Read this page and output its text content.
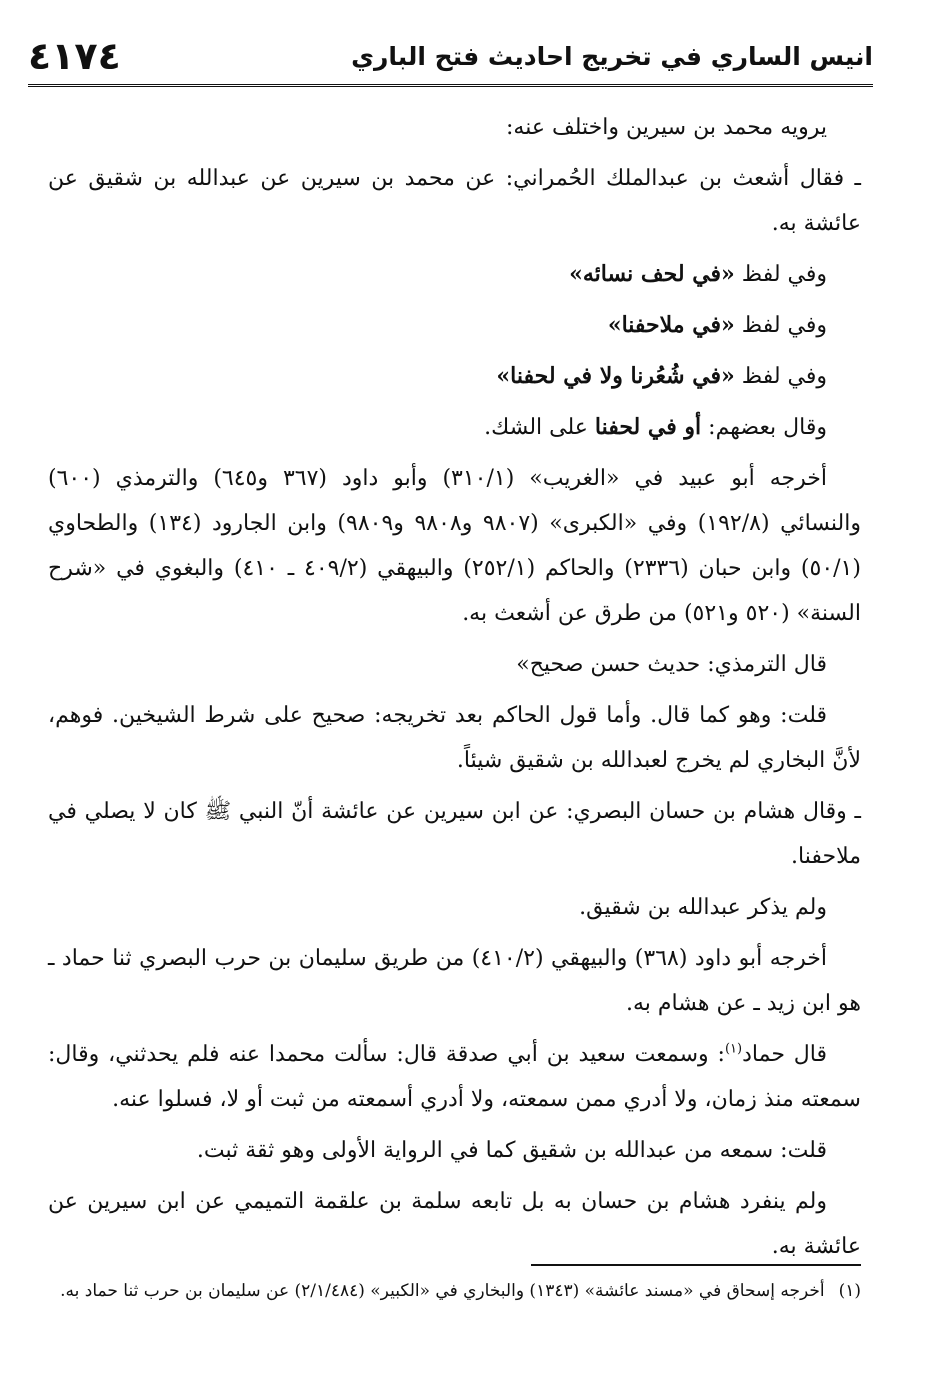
انيس الساري في تخريج احاديث فتح الباري
٤١٧٤

يرويه محمد بن سيرين واختلف عنه:

ـ فقال أشعث بن عبدالملك الحُمراني: عن محمد بن سيرين عن عبدالله بن شقيق عن عائشة به.

وفي لفظ «في لحف نسائه»

وفي لفظ «في ملاحفنا»

وفي لفظ «في شُعُرنا ولا في لحفنا»

وقال بعضهم: أو في لحفنا على الشك.

أخرجه أبو عبيد في «الغريب» (٣١٠/١) وأبو داود (٣٦٧ و٦٤٥) والترمذي (٦٠٠) والنسائي (١٩٢/٨) وفي «الكبرى» (٩٨٠٧ و٩٨٠٨ و٩٨٠٩) وابن الجارود (١٣٤) والطحاوي (٥٠/١) وابن حبان (٢٣٣٦) والحاكم (٢٥٢/١) والبيهقي (٤٠٩/٢ ـ ٤١٠) والبغوي في «شرح السنة» (٥٢٠ و٥٢١) من طرق عن أشعث به.

قال الترمذي: حديث حسن صحيح»

قلت: وهو كما قال. وأما قول الحاكم بعد تخريجه: صحيح على شرط الشيخين. فوهم، لأنَّ البخاري لم يخرج لعبدالله بن شقيق شيئاً.

ـ وقال هشام بن حسان البصري: عن ابن سيرين عن عائشة أنّ النبي ﷺ كان لا يصلي في ملاحفنا.

ولم يذكر عبدالله بن شقيق.

أخرجه أبو داود (٣٦٨) والبيهقي (٤١٠/٢) من طريق سليمان بن حرب البصري ثنا حماد ـ هو ابن زيد ـ عن هشام به.

قال حماد$^{(١)}$: وسمعت سعيد بن أبي صدقة قال: سألت محمدا عنه فلم يحدثني، وقال: سمعته منذ زمان، ولا أدري ممن سمعته، ولا أدري أسمعته من ثبت أو لا، فسلوا عنه.

قلت: سمعه من عبدالله بن شقيق كما في الرواية الأولى وهو ثقة ثبت.

ولم ينفرد هشام بن حسان به بل تابعه سلمة بن علقمة التميمي عن ابن سيرين عن عائشة به.

(١)أخرجه إسحاق في «مسند عائشة» (١٣٤٣) والبخاري في «الكبير» (٢/١/٤٨٤) عن سليمان بن حرب ثنا حماد به.
